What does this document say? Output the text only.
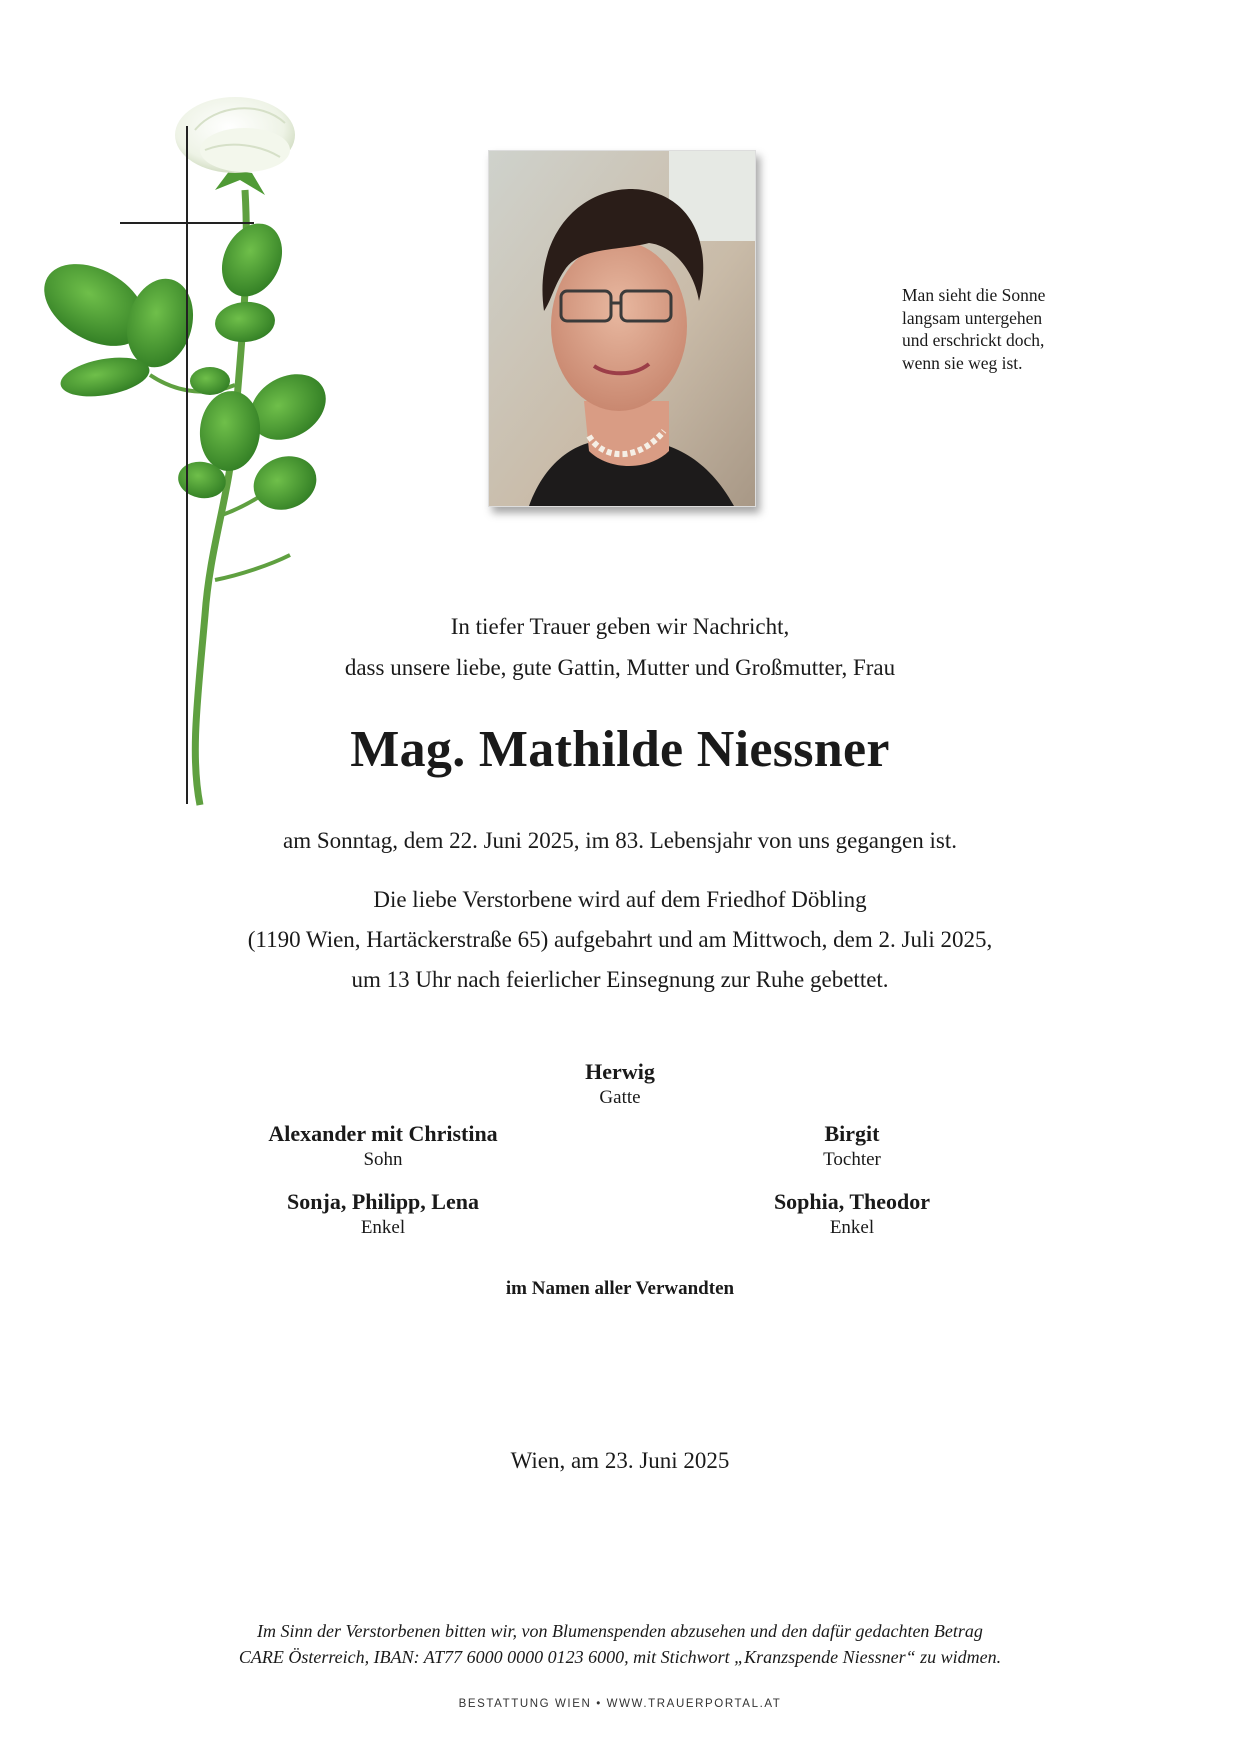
Man sieht die Sonne
langsam untergehen
und erschrickt doch,
wenn sie weg ist.
In tiefer Trauer geben wir Nachricht,
dass unsere liebe, gute Gattin, Mutter und Großmutter, Frau
Mag. Mathilde Niessner
am Sonntag, dem 22. Juni 2025, im 83. Lebensjahr von uns gegangen ist.
Die liebe Verstorbene wird auf dem Friedhof Döbling
(1190 Wien, Hartäckerstraße 65) aufgebahrt und am Mittwoch, dem 2. Juli 2025,
um 13 Uhr nach feierlicher Einsegnung zur Ruhe gebettet.
Herwig
Gatte
Alexander mit Christina
Sohn
Birgit
Tochter
Sonja, Philipp, Lena
Enkel
Sophia, Theodor
Enkel
im Namen aller Verwandten
Wien, am 23. Juni 2025
Im Sinn der Verstorbenen bitten wir, von Blumenspenden abzusehen und den dafür gedachten Betrag
CARE Österreich, IBAN: AT77 6000 0000 0123 6000, mit Stichwort „Kranzspende Niessner“ zu widmen.
BESTATTUNG WIEN • WWW.TRAUERPORTAL.AT
